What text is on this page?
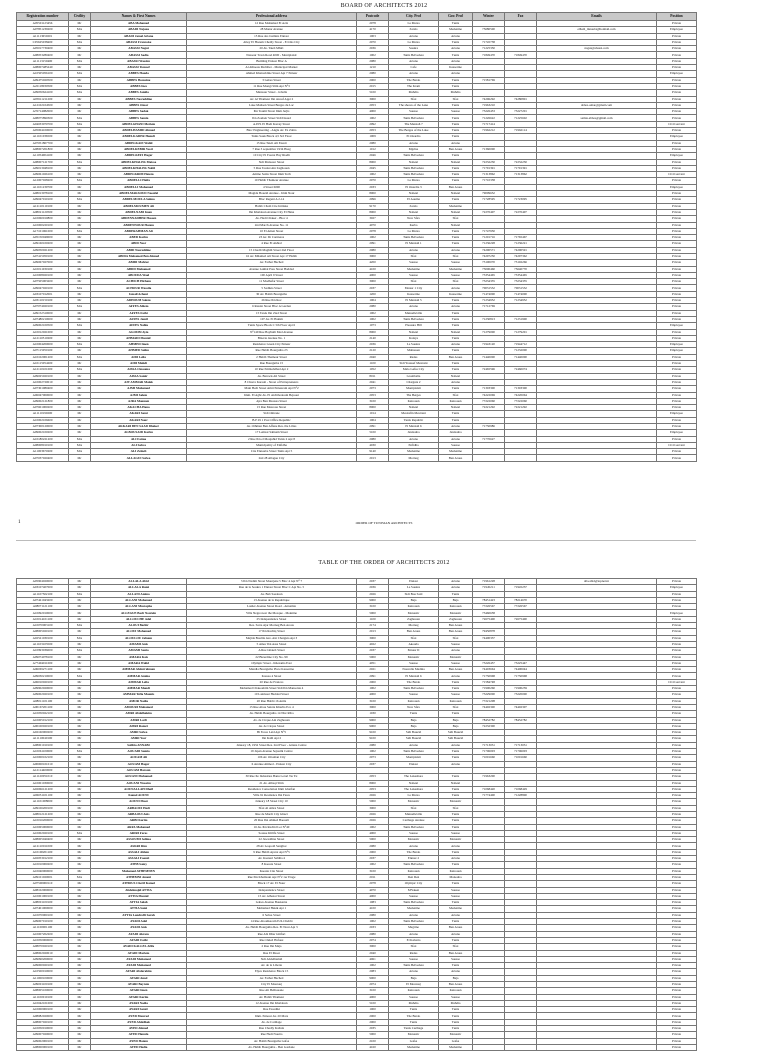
BOARD OF ARCHITECTS 2012
Registration number	Civility	Names & First Names	Professional address	Postcode	City. Prof	Gov. Prof	Winter	Fax	Emails	Position
A05501123456	Mr	ABA Mohamed	12 Rue Mohamed El Aziz	2078	La Marsa	Tunis				Private
A07851239200	Mrs	ABADI Najoua	28 Manar Avenue	4170	Zarzis	Medenine	75680500		elhadi_mnoubi@hotmail.com	Employee
A11113650201	Mr	ABADI Jamel Ariana	15 Rue des Jasmins Ennasr	1003	Ariana	Ariana				Private
C05625038400	Mrs	ABASSI Francoise	Alley El Hazem Chedly Street - El Ons City	2070	La Marsa	Tunis	71745738			Private
A05017730400	Mr	ABASSI Nagui	20 Av. Taieb Mhiri	2036	Soukra	Ariana	71225350		nagui@abassi.com	Private
A08053280400	Mr	ABASSI Sadia	Nasseur Town Road 4000 - Montplaisir	1002	Tunis Belvedere	Tunis	71849470	71849470		Private
A11113150400	Mrs	ABASSI Wassim	Building Ennasr Bloc A	2080	Ariana	Ariana				Private
A08007485240	Mr	ABASSI Youssef	Al Alhaous Mobilier - Municipal Market	1210	Cafe	Kasserine				Private
A10505056100	Mrs	ABBES Houda	Ahmed Kheireddine Street Apt 7 Ennasr	2080	Ariana	Ariana				Employee
A09475020500	Mr	ABBES Houssine	3 Gabes Street	2000	The Bardo	Tunis	71581769			Private
A22118030500	Mrs	ABBES Ines	11 Rue Mongi Slim Apt N°3	2015	The Kram	Tunis				Private
A09050624100	Mrs	ABBES Jamila	Mansour Street - Jeballa	5100	Mahdia	Mahdia				Private
A05911211200	Mr	ABBES Nasreddine	Av. Al Thameur Ibn Awsaf Appt 2	3000	Sfax	Sfax	74296292	74280801		Private
A12102104500	Mr	ABBES Omar	Lake Mohsen Street Berges du Lac	2053	The shores of the Lake	Tunis	71963210		abbes.omar@gmail.com	Private
A76714082000	Mr	ABBES Sadok	Ibn Toumi Street Imm Jerjis	4000	Sousse	Sousse	73226453	73227201		Private
A08075890300	Mrs	ABBES Samia	Ibn Zoubeir Street Sidi Daoud	1002	Tunis Belvedere	Tunis	71226622	71225602	samia.abbes@gmail.com	Private
A04033070700	Mrs	ABDELGHANI Meriem	A.P.H. El Hadi Karray Street	2092	The Menzah 7	Tunis	71717414			Civil servant
A05004100000	Mr	ABDELHAMID Ahmed	Bloc Engineering - Angle Av. Ez Zahra	2053	The Berges of the Lake	Tunis	71962212	71962114		Private
A11101036500	Mr	ABDELKADER Hamdi	Tunis Souk Block 4,5 3rd Floor	1009	El Ouardia	Tunis				Employee
A07051807700	Mr	ABDELKAFI Walid	15 Rue Taieb Ali Ezzeit	2080	Ariana	Ariana				Private
A08007201800	Mr	ABDELKEBIR Yosri	7 Rue 3 september 1934 Hsag	1012	Mgrine	Ben Arous	71360000			Private
A11054004100	Mr	ABDELKEFI Hager	10 City El Fourat Hay Riadh	2046	Tunis Belvedere	Tunis				Employee
A08007121700	Mrs	ABDELKHALEK Maissa	Sidi Mansour Street	8000	Nabeul	Nabeul	72232230	72232230		Private
A09013048100	Mr	ABDELKHALEK Nabil	5 Rue Tounsi Ain Zaghouan	2045	Tunis Belvedere	Tunis	71791391	71791391		Private
A09061026100	Mr	ABDELKRIM Hatem	Amine Saida Street Imm Tech	1002	Tunis Belvedere	Tunis	71313862	71313862		Civil servant
A12007028200	Mrs	ABDELLI Haifa	10 Habib Thameur Avenue	2070	La Marsa	Tunis	71710358			Private
A11101230700	Mr	ABDELLI Mohamed	4 Street 6000	2033	El Ouardia 3	Ben Arous				Employee
A08013078100	Mr	ABDELMAKSOUD Naoufel	Magida Bouzid Avenue - Imm Nour	8000	Nabeul	Nabeul	79009632			Private
A09047010100	Mrs	ABDELMOULA Salma	Bloc Regent A 2-14	2096	El Aouina	Tunis	71728595	71723095		Private
A12110110100	Mr	ABDELMOUMEN Ali	Habib Chatti Cite Intilaka	9170	Zarzis	Medenine				Private
A08021120500	Mr	ABDELNABI Imen	Ibn Khaldoun Avenue City El Hana	8000	Nabeul	Nabeul	72270407	72270407		Private
A10060010800	Mr	ABDENNADHER Hassen	Av. Hedi Chaker - Bloc 4	3027	New Sfax	Sfax				Private
A10000220100	Mr	ABDENNOUR Hatem	2nd March Avenue No. 11	4070	Kerba	Nabeul				Private
A17101061000	Mrs	ABDERAHMAN Ali	10 El Amen Street	2078	La Marsa	Tunis	71747950			Private
A05150049000	Mr	ABED Karim	23 Av. Dr Carnieres	1002	Tunis Belvedere	Tunis	71201716	71765467		Private
A09160100200	Mr	ABID Nasr	4 Rue El Akhtal	2091	El Menzah 1	Tunis	71236228	71236221		Private
A09050021200	Mr	ABID Nasreddine	15 Chedli Maghili Street 2nd Floor	2080	Ariana	Ariana	74290571	74290591		Private
A07415050100	Mr	ABIDA Mohamed Ben Ahmed	16 Av. Mhamed Ali Street Apt 17 Habib	3000	Sfax	Sfax	74297250	74297362		Private
A09067027000	Mr	ABIDI Mahrez	Av. Farhat Hached	4200	Sousse	Sousse	73100070	73102266		Private
A10011030100	Mr	ABIDI Mohamed	Avenue Lakhal Pass Street Haddad	4100	Medenine	Medenine	73000460	75640770		Private
A10008020100	Mr	ABOUDA Wael	100 April 9 Street	4000	Sousse	Sousse	73354465	73354465		Private
A07505003200	Mr	ACHICH Hichem	11 Modhafar Street	3000	Sfax	Sfax	73234335	73234335		Private
A09047020100	Mrs	ACHOUR Wassila	5 Sadikia Street	2037	Ennasr 1 City	Ariana	70031532	70031532		Private
A03107012001	Mr	Ismail Achoui	30 Av. Habib Bourguiba	1200	Kasserine	Kasserine	71474000	71474000		Private
A03110150100	Mr	ADHOUM Salem	26 Rue Ibn Roz	1004	El Menzah 5	Tunis	71234952	71234952		Private
A07074020100	Mrs	AFFES Ahlem	6 Rassin Street Bloc A Garden	2080	Ariana	Ariana	71712769			Private
A09152310000	Mr	AFFES Fathi	15 Tarek Ibn Zied Street	1002	Mutuelleville	Tunis				Private
A07480210000	Mr	AFFES Jamil	107 Av. El Hakim	1002	Tunis Belvedere	Tunis	71230813	71231900		Private
A09002100500	Mrs	AFFES Nahla	Tunis Space Block C 5th Floor Apt 6	1073	Pleasure Hill	Tunis				Employee
A10012021000	Mr	AGOUBI Ayia	N°149 Rue Bayhuth Med Avenue	8000	Nabeul	Nabeul	71279000	71279201		Private
A12110510200	Mr	AHMADI Mounir	Bizerte Avenue No. 1	2140	Kalaya	Tunis				Private
A10004200000	Mrs	AHMED Imen	Residence Green City Ennasr	2036	La Soukra	Ariana	71943120	71944712		Employee
A07115050100	Mr	AHMED Salim	Rue Habib Bourguiba 23	2120	Mahassen	Tunis		71232000		Employee
A10102001200	Mrs	AIDI Leila	2 Habib Thameur Street	2040	Rades	Ben Arous	71440000	71440000		Private
A10115054200	Mr	AIDI Mahdi	Rue Bourguiba 15	1100	Sidi Youssef Mestrani	Tunis				Private
A12110101000	Mrs	AISSA Oussama	10 Rue Emmabdhad Apt 2	1052	Malo Gafsa City	Tunis	72465596	72460074		Private
A09025020100	Mr	AISSA Samir	Av. Barrack Ali Street	8011	Grombalia	Nabeul				Private
A10002720010	Mr	AIT AMMAR Malek	8 Chorra Karaoh - Street of Entrepreneurs	2041	Charguia 2	Ariana				Private
A07301080400	Mr	AJMI Mohamed	Main Hedi Street Amri Ennasrain Apt N°2	2073	Montplaisir	Tunis	71303300	71303300		Private
A06047000000	Mr	AJMI Salem	Imm. El Aghr Av. El Aichibedoum Bejaoui	2053	The Berges	Sfax	74222069	74220064		Private
A09002121800	Mr	AJRA Moumen	Ajra Ben Moussa Street	3100	Kairouan	Kairouan	77222060	77222060		Private
A07601000200	Mr	AKACHA Hana	15 Rue Mesroua Street	8000	Nabeul	Nabeul	72221292	72221292		Private
A11110190200	Mr	AKARI Sami	Sidi Omrane	1014	Mestrafin Mestrani	Tunis				Employee
A10002106600	Mr	AKARI Nour	B.P 29 1 Post Office Republic	1004	Tunis Republic	Tunis				Private
A07300120000	Mr	AKKARI BEN SAAD Dhaker	Av. Othman Ben Affane Res. the Lilies	2091	El Menzah 6	Ariana	71750986			Private
A09002100200	Mr	ALBOUSAID Karim	17 Lemsat Sahnam Street	5100	Jendouba	Jendouba				Employee
A10180221200	Mrs	ALI Fatma	2 Rue Ibn el Moujahid Tunis 2 Apt 8	2080	Ariana	Ariana	71770627			Private
A08008010100	Mrs	ALI Salwa	Municipality of Enfidha	4030	Enfidha	Sousse				Civil servant
A11003670200	Mrs	ALI Zeineb	Cite Ennouba Street Tunis Apt 5	9140	Medenine	Medenine				Private
A07037020400	Mr	ALLAGUI Salwa	2nd 28 Allague City	2013	Mornag	Ben Arous				Private
1	ORDER OF TUNISIAN ARCHITECTS
TABLE OF THE ORDER OF ARCHITECTS 2012
A05904020000	Mr	ALLALA Abid	3 Ibn Nadim Street Mourjene 5 Bloc 4 Apt N° 7	2037	Ennasr	Ariana	71961228		alla.abid@topnet.tn	Private
A03107407000	Mr	ALLALA Rami	Rue de la Soukra 1 Ennasr Street Bloc C Apt No. 5	2036	La Soukra	Ariana	71945211	71945237		Employee
A11107502100	Mrs	ALLANI Amina	Av. Bab Saadoun	2026	Sidi Bou Said	Tunis				Private
A07421043200	Mr	ALLANI Mohamed	13 Avenue de la Republique	9000	Beja	Beja	78451423	78214670		Private
A08071121100	Mr	ALLANI Mustapha	Lasher Avenue Street Road - Annamia	3100	Kairouan	Kairouan	77226567	77226567		Private
A10092010000	Mr	ALLEGUE Badr Nourein	Villa Negre near the Mosque - Moknine	5000	Monastir	Monastir	73460658			Employee
A10014101100	Mr	ALLOUCHE Adel	25 Independence Street	1100	Zaghouan	Zaghouan	72675400	72675400		Private
A10070003100	Mrs	ALOUI Bechir	Res. Sarra Ajar Mornag Ben Arous	2174	Mornag	Ben Arous				Private
A08005020100	Mr	ALOUI Mohamed	17 Ibn Rachiq Street	2013	Ben Arous	Ben Arous	79450878			Private
A02521030100	Mrs	ALOULOU Jalnam	Majida Boulila Ave. Ain Charguia Apt 3	3000	Sfax	Sfax	74400337			Private
A11103103500	Mr	AMAMI Anis	5 Amor Ibn Aass Street	4022	Akouda	Sousse				Private
A10993036000	Mrs	AMAMI Sonia	A Rue Ghaieb Street	2037	Ennasr II	Ariana				Private
A09074078100	Mr	AMARA Kais	22 Bizerdine City No. 99	5000	Monastir	Monastir				Private
A77404011000	Mr	AMARA Walid	Olympic Street - Khezama East	4051	Sousse	Sousse	73226457	73225447		Private
A06065271100	Mr	AMMAR Abderrahmen	Mandla Bourguiba Place Kasserine	2021	Nouvelle Medina	Ben Arous	74403664	74400044		Private
A09030210000	Mrs	AMMAR Amina	Kassaa 4 Street	2091	El Menzah 6	Ariana	71750968	71750968		Private
A06010020100	Mr	AMMAR Leila	20 Rue de Frances	2000	The Bardo	Tunis	71584748			Civil servant
A09902020000	Mr	AMMAR Mondi	Mohamed Chakoubim Street Sidi Ibn Mansonia 4	1002	Tunis Belvedere	Tunis	71900260	71900259		Private
A09002020100	Mr	AMMAR Tefia Mounis	10 Lanmout Haddad Street	4000	Sousse	Sousse	73229000	73220000		Private
A08011101100	Mr	AMOR Nadia	20 Rue Habbi 16 Anila	3100	Kairouan	Kairouan	77221208			Private
A00167201100	Mr	AMOURI Mohamed	15 Rue Abou Sakria Kharlia Eco 4	3000	New Sfax	Sfax	74402300	74402307		Private
A10050022100	Mr	AMRI Abdelhakim	Av. Habib Bourguiba 14 Nisr Rtba	1030	Tunis	Tunis				Private
A10005012100	Mr	AMRI Lotfi	Av. de Cirque Ain Zaghouan	9000	Beja	Beja	78452782	78452782		Private
A00100020100	Mr	AMRI Ramzi	Av. de Cirque Street	9000	Beja	Beja	72232300			Private
A02160000200	Mr	AMRI Salwa	Bi Foree Laid Apt N°5	9100	Sidi Bouzid	Sidi Bouzid				Private
A11110040100	Mr	AMRI Yosr	Ibn Kalil Apt 2	9100	Sidi Bouzid	Sidi Bouzid				Private
A08001010100	Mr	Sabbia ANNABI	January 18, 1952 Street Res. 2nd Floor - Ariana Centre	2080	Ariana	Ariana	71713031	71713031		Private
A10061100000	Mrs	AOUADI Samia	19 Japan Avenue Sejoumi Centre	1002	Tunis Belvedere	Tunis	71706003	71706003		Private
A10000102100	Mr	AOUAM Ali	106 Av. Ottoman City	2073	Montplaisir	Tunis	71001660	71001660		Private
A00000101010	Mr	AOUAM Hager	6 Avenue Ahmed - Ennasr City	2037	Ennasr	Ariana				Private
A12114400000	Mr	AOUAM Haroun								Private
A11120051010	Mr	AOUANI Mohamed	30 Rue Ile Industries Banu Lotari Ter Ez	2053	The Lakeshore	Tunis	71963200			Private
A10001030000	Mr	AOUANI Wassim	21 Av. Alhaqi Slim	8000	Nabeul	Nabeul				Private
A02066121200	Mr	AOUNALLAH Dheif	Residence Consolation Imm Ghatfan	2053	The Lakeshore	Tunis	71068420	71068429		Private
A06031101100	Mr	Kamel AOUNI	Villa 91 Residence Ibn Fares	2026	La Marsa	Tunis	71774400	71228800		Private
A11101008000	Mr	AOUNI Moez	January 18 Street City 10	5000	Monastir	Monastir				Private
A09106200100	Mr	ARBAOUI Hedi	Sfax Al Amra Street	3000	Sfax	Sfax				Private
A08012121200	Mr	ARBAOUI Anis	Rue de Mardi City Ghazi	2026	Mutuelleville	Tunis				Private
A10016200000	Mr	ARBI Karim	20 Rue Ibn Ahmed Baouali	2026	Carthage Avenue	Tunis				Private
A10065000000	Mr	ARFA Mohamed	16 Av. Ibn Rachid Lot N°40	1002	Tunis Belvedere	Tunis				Private
A10002020100	Mrs	ARIRI Fares	Sousse Khlifa Street	4000	Sousse	Sousse				Private
A08005040400	Mr	ASSOUMI Selima	22 Jawaddina Street	5000	Monastir	Monastir				Private
A12110011000	Mr	ASKRI Rim	28 Av Leopold Senghor	2080	Ariana	Ariana				Private
A10100201100	Mr	ASSALI Ahlem	9 Rue Habib Ayerat Apt N°5	2000	The Bardo	Tunis				Private
A02053012100	Mr	ASSALI Faouzi	Av. Ksenari Sabiha 4	2037	Ennasr 2	Ariana				Private
A10010000200	Mr	ATEB Samy	8 Kaouia Street	1002	Tunis Belvedere	Tunis				Private
A10040000000	Mr	Mohamed ATHEMNEN	Kaouia Cite Street	3100	Kairouan	Kairouan				Private
A09101020001	Mrs	ATHEMNI Ameni	Rue Ibn Khaldoun Apt N°2 1er Etage	2011	Den Den	Manouba				Private
A07500000110	Mr	ATHOUS Cherif Kamel	Block 17 Av. El Nour	2078	Olympic City	Tunis				Private
A08102000000	Mr	Abdelmajid ATTIA	Independence Street	4070	M'Saken	Sousse				Private
A10001000100	Mr	ATTIA Mounir	15 Av. Alhazar Street	4000	Sousse	Sousse				Private
A08001100100	Mr	ATTIA Salah	Gabes Avenue Boukarna	1083	Tunis Belvedere	Tunis				Private
A07401000000	Mr	ATTIA Sami	Mohamed Hakik Apt 1	4100	Medenine	Medenine				Private
A10070000100	Mr	ATTIA Landrofli Sarah	6 Sebsa Street	2080	Ariana	Ariana				Private
A09007010100	Mr	AYADI Adel	14 Rue Aboulkacem Ech-Chebbi	1002	Tunis Belvedere	Tunis				Private
A11100001100	Mr	AYADI Anis	Av. Habib Bourguiba Res. El Nour Apt 3	2033	Megrine	Ben Arous				Private
A10007202200	Mr	AYADI Akram	Rue Abi Dhar Ghifari	2080	Ariana	Ariana				Private
A10050000000	Mr	AYADI Fathi	Rue Ouled Hafouz	2074	El Kabaria	Tunis				Private
A08070020100	Mr	AYADI KALLEL Afifa	2 Rue Ibn Maja	3000	Sfax	Sfax				Private
A08002020010	Mr	AYADI Mariem	Rue El Moez	2040	Rades	Ben Arous				Private
A09090200000	Mr	AYADI Mohamed	Sidi Abdelhamid	4061	Sousse	Sousse				Private
A09000020100	Mr	AYADI Mohamed	Av. de la Liberte	1002	Tunis Belvedere	Tunis				Private
A10500010000	Mr	AYARI Abderahim	Elyes Residence Block 15	2083	Ariana	Ariana				Private
A11000100000	Mr	AYARI Amel	Av. Farhat Hached	9000	Beja	Beja				Private
A09001100100	Mr	AYARI Bayrem	City El Mourouj	2074	El Mourouj	Ben Arous				Private
A08005100000	Mr	AYARI Imen	Rue Ali Belhouane	3100	Kairouan	Kairouan				Private
A11100010100	Mr	AYARI Karim	Av. Habib Thameur	4000	Sousse	Sousse				Private
A10042101000	Mr	AYARI Nadia	12 Avenue Ibn Khaldoun	5100	Mahdia	Mahdia				Private
A10000000100	Mr	AYARI Samir	Rue Essadiki	1000	Tunis	Tunis				Private
A08082020000	Mr	AYED Mourad	Imm. Ennour Av. 20 Mars	2000	The Bardo	Tunis				Private
A08007020100	Mr	AYED Abdelhak	Av. de Carthage	2000	Tunis	Tunis				Private
A10050010000	Mr	AYED Ahmed	Rue Chedly Kallala	2035	Tunis Carthage	Tunis				Private
A09007020000	Mr	AYED Hamda	Rue Hedi Nouira	5000	Monastir	Monastir				Private
A09002000100	Mr	AYED Hatem	Av. Habib Bourguiba Gafsa	2100	Gafsa	Gafsa				Private
A08000000100	Mr	AYED Hedia	Av. Habib Bourguiba - Ben Gardane	4160	Medenine	Medenine				Private
